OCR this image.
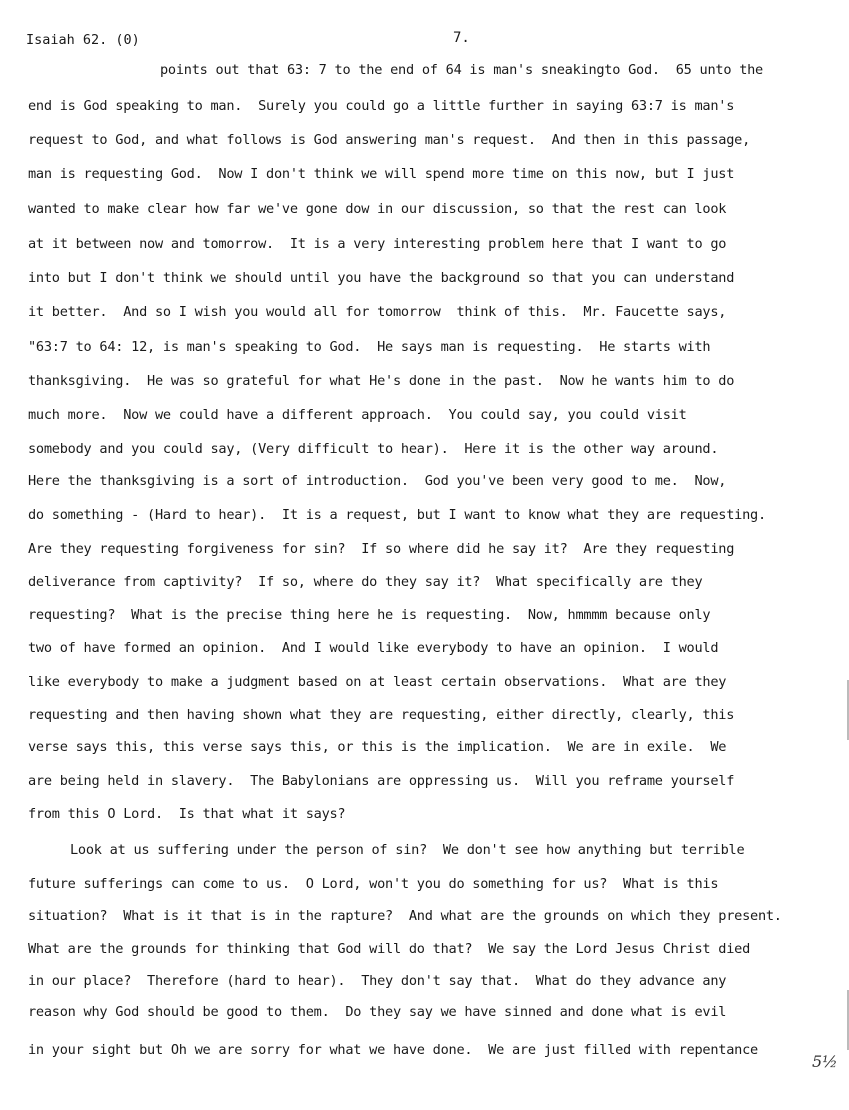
Isaiah 62. (0)	7.
points out that 63: 7 to the end of 64 is man's sneakingto God.  65 unto the
end is God speaking to man.  Surely you could go a little further in saying 63:7 is man's
request to God, and what follows is God answering man's request.  And then in this passage,
man is requesting God.  Now I don't think we will spend more time on this now, but I just
wanted to make clear how far we've gone dow in our discussion, so that the rest can look
at it between now and tomorrow.  It is a very interesting problem here that I want to go
into but I don't think we should until you have the background so that you can understand
it better.  And so I wish you would all for tomorrow  think of this.  Mr. Faucette says,
"63:7 to 64: 12, is man's speaking to God.  He says man is requesting.  He starts with
thanksgiving.  He was so grateful for what He's done in the past.  Now he wants him to do
much more.  Now we could have a different approach.  You could say, you could visit
somebody and you could say, (Very difficult to hear).  Here it is the other way around.
Here the thanksgiving is a sort of introduction.  God you've been very good to me.  Now,
do something - (Hard to hear).  It is a request, but I want to know what they are requesting.
Are they requesting forgiveness for sin?  If so where did he say it?  Are they requesting
deliverance from captivity?  If so, where do they say it?  What specifically are they
requesting?  What is the precise thing here he is requesting.  Now, hmmmm because only
two of have formed an opinion.  And I would like everybody to have an opinion.  I would
like everybody to make a judgment based on at least certain observations.  What are they
requesting and then having shown what they are requesting, either directly, clearly, this
verse says this, this verse says this, or this is the implication.  We are in exile.  We
are being held in slavery.  The Babylonians are oppressing us.  Will you reframe yourself
from this O Lord.  Is that what it says?
Look at us suffering under the person of sin?  We don't see how anything but terrible
future sufferings can come to us.  O Lord, won't you do something for us?  What is this
situation?  What is it that is in the rapture?  And what are the grounds on which they present.
What are the grounds for thinking that God will do that?  We say the Lord Jesus Christ died
in our place?  Therefore (hard to hear).  They don't say that.  What do they advance any
reason why God should be good to them.  Do they say we have sinned and done what is evil
in your sight but Oh we are sorry for what we have done.  We are just filled with repentance
5½
